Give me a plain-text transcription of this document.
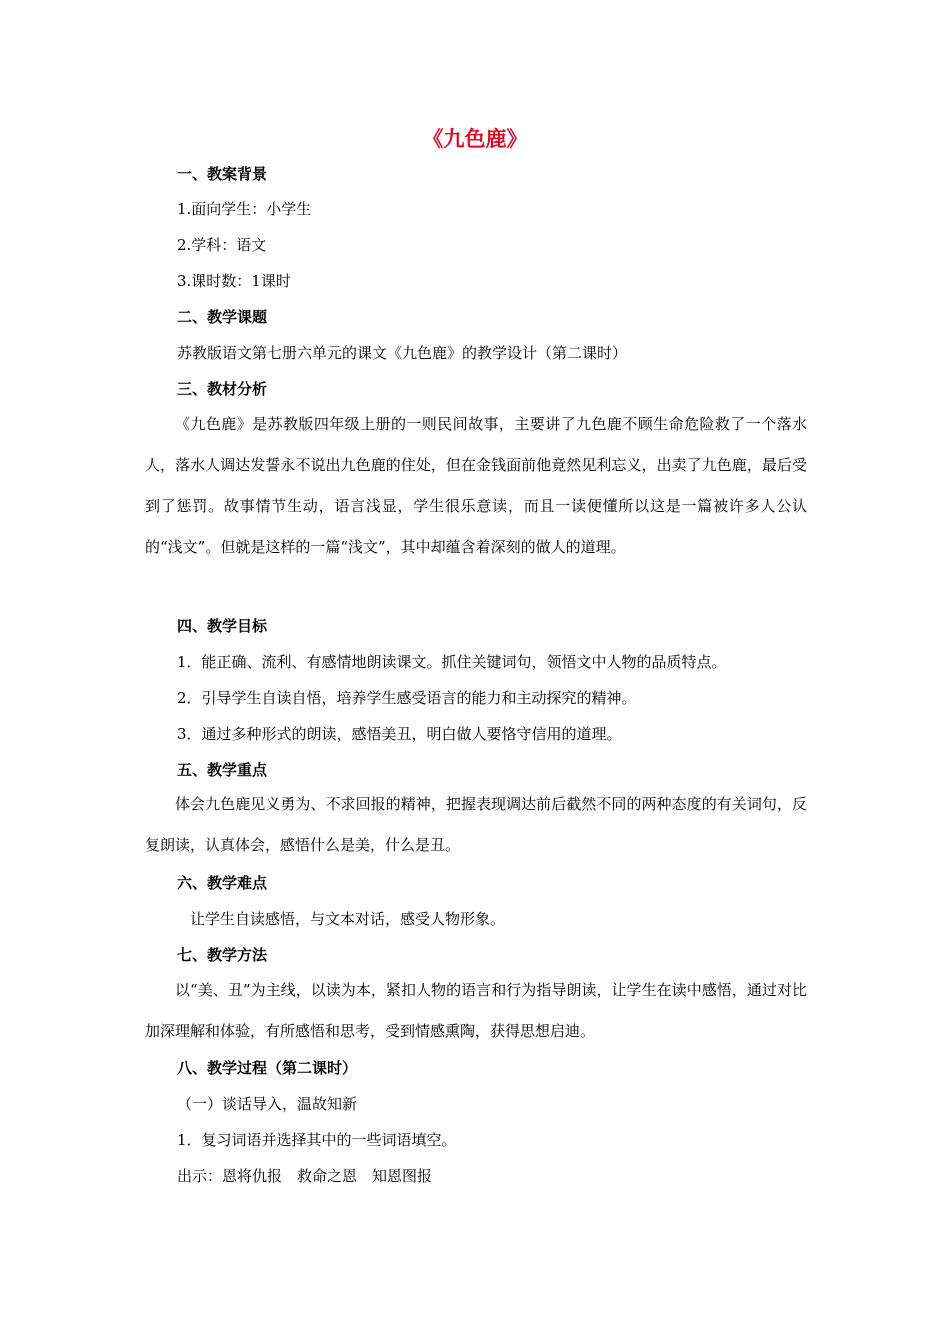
《九色鹿》
一、教案背景
1.面向学生：小学生
2.学科：语文
3.课时数：1课时
二、教学课题
苏教版语文第七册六单元的课文《九色鹿》的教学设计（第二课时）
三、教材分析
《九色鹿》是苏教版四年级上册的一则民间故事，主要讲了九色鹿不顾生命危险救了一个落水人，落水人调达发誓永不说出九色鹿的住处，但在金钱面前他竟然见利忘义，出卖了九色鹿，最后受到了惩罚。故事情节生动，语言浅显，学生很乐意读，而且一读便懂所以这是一篇被许多人公认的“浅文”。但就是这样的一篇“浅文”，其中却蕴含着深刻的做人的道理。
四、教学目标
1．能正确、流利、有感情地朗读课文。抓住关键词句，领悟文中人物的品质特点。
2．引导学生自读自悟，培养学生感受语言的能力和主动探究的精神。
3．通过多种形式的朗读，感悟美丑，明白做人要恪守信用的道理。
五、教学重点
体会九色鹿见义勇为、不求回报的精神，把握表现调达前后截然不同的两种态度的有关词句，反复朗读，认真体会，感悟什么是美，什么是丑。
六、教学难点
让学生自读感悟，与文本对话，感受人物形象。
七、教学方法
以“美、丑”为主线，以读为本，紧扣人物的语言和行为指导朗读，让学生在读中感悟，通过对比加深理解和体验，有所感悟和思考，受到情感熏陶，获得思想启迪。
八、教学过程（第二课时）
（一）谈话导入，温故知新
1．复习词语并选择其中的一些词语填空。
出示：恩将仇报　救命之恩　知恩图报
